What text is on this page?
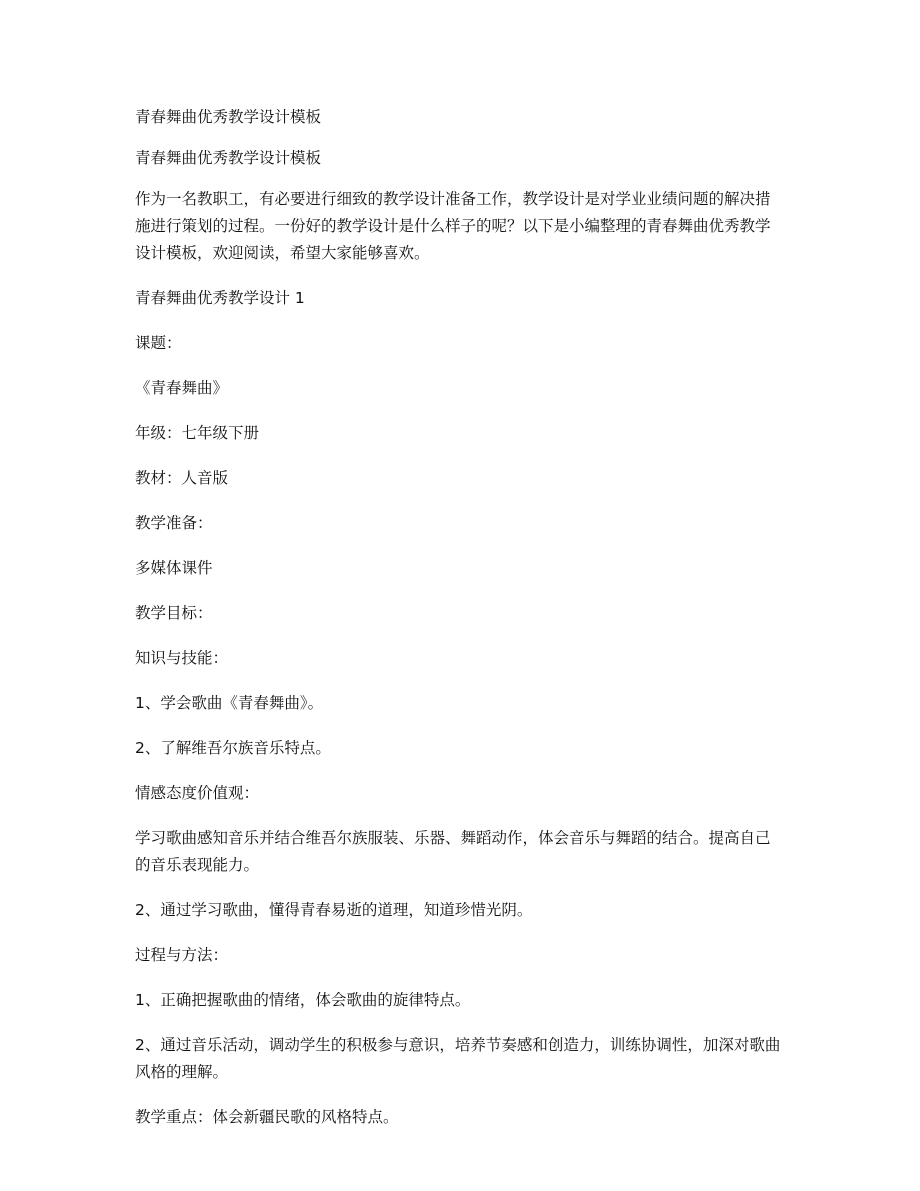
青春舞曲优秀教学设计模板

青春舞曲优秀教学设计模板

作为一名教职工，有必要进行细致的教学设计准备工作，教学设计是对学业业绩问题的解决措施进行策划的过程。一份好的教学设计是什么样子的呢？以下是小编整理的青春舞曲优秀教学设计模板，欢迎阅读，希望大家能够喜欢。

青春舞曲优秀教学设计 1

课题：

《青春舞曲》

年级：七年级下册

教材：人音版

教学准备：

多媒体课件

教学目标：

知识与技能：

1、学会歌曲《青春舞曲》。

2、了解维吾尔族音乐特点。

情感态度价值观：

学习歌曲感知音乐并结合维吾尔族服装、乐器、舞蹈动作，体会音乐与舞蹈的结合。提高自己的音乐表现能力。

2、通过学习歌曲，懂得青春易逝的道理，知道珍惜光阴。

过程与方法：

1、正确把握歌曲的情绪，体会歌曲的旋律特点。

2、通过音乐活动，调动学生的积极参与意识，培养节奏感和创造力，训练协调性，加深对歌曲风格的理解。

教学重点：体会新疆民歌的风格特点。
